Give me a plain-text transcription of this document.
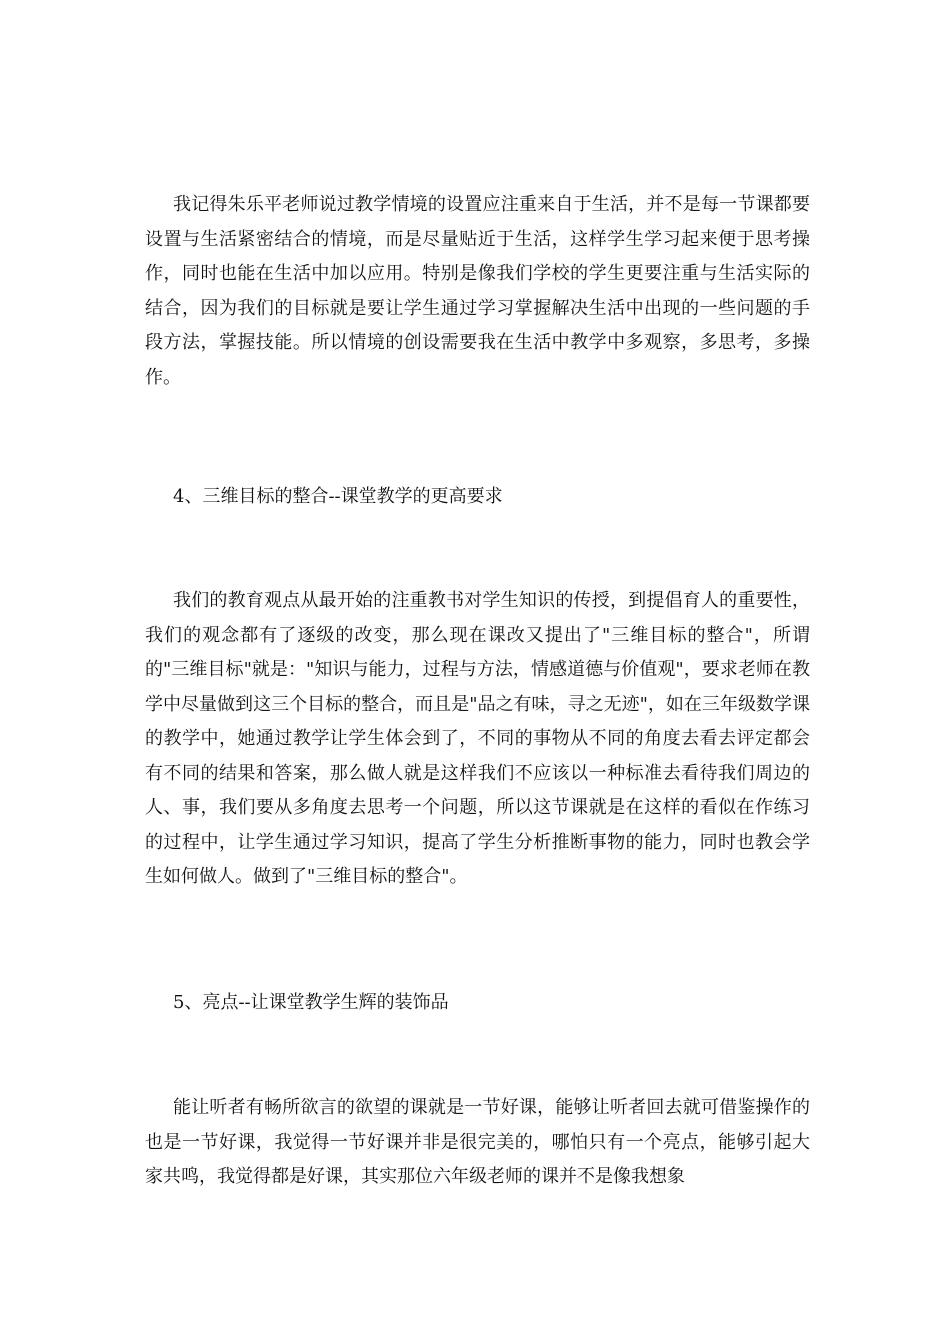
我记得朱乐平老师说过教学情境的设置应注重来自于生活，并不是每一节课都要设置与生活紧密结合的情境，而是尽量贴近于生活，这样学生学习起来便于思考操作，同时也能在生活中加以应用。特别是像我们学校的学生更要注重与生活实际的结合，因为我们的目标就是要让学生通过学习掌握解决生活中出现的一些问题的手段方法，掌握技能。所以情境的创设需要我在生活中教学中多观察，多思考，多操作。

4、三维目标的整合--课堂教学的更高要求

我们的教育观点从最开始的注重教书对学生知识的传授，到提倡育人的重要性，我们的观念都有了逐级的改变，那么现在课改又提出了"三维目标的整合"，所谓的"三维目标"就是："知识与能力，过程与方法，情感道德与价值观"，要求老师在教学中尽量做到这三个目标的整合，而且是"品之有味，寻之无迹"，如在三年级数学课的教学中，她通过教学让学生体会到了，不同的事物从不同的角度去看去评定都会有不同的结果和答案，那么做人就是这样我们不应该以一种标准去看待我们周边的人、事，我们要从多角度去思考一个问题，所以这节课就是在这样的看似在作练习的过程中，让学生通过学习知识，提高了学生分析推断事物的能力，同时也教会学生如何做人。做到了"三维目标的整合"。

5、亮点--让课堂教学生辉的装饰品

能让听者有畅所欲言的欲望的课就是一节好课，能够让听者回去就可借鉴操作的也是一节好课，我觉得一节好课并非是很完美的，哪怕只有一个亮点，能够引起大家共鸣，我觉得都是好课，其实那位六年级老师的课并不是像我想象
